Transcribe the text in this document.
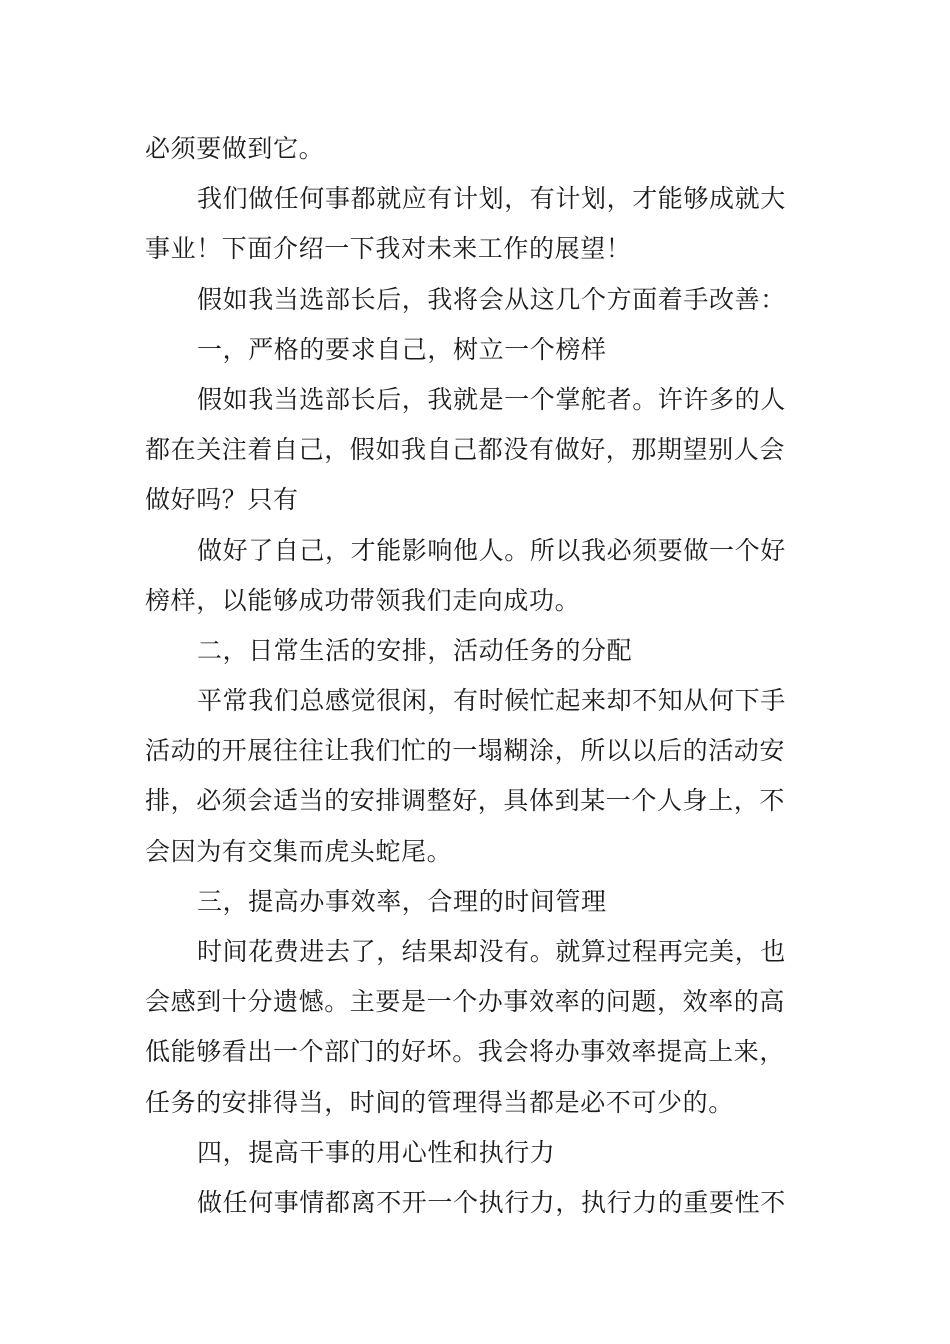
必须要做到它。
我们做任何事都就应有计划，有计划，才能够成就大
事业！下面介绍一下我对未来工作的展望！
假如我当选部长后，我将会从这几个方面着手改善：
一，严格的要求自己，树立一个榜样
假如我当选部长后，我就是一个掌舵者。许许多的人
都在关注着自己，假如我自己都没有做好，那期望别人会
做好吗？只有
做好了自己，才能影响他人。所以我必须要做一个好
榜样，以能够成功带领我们走向成功。
二，日常生活的安排，活动任务的分配
平常我们总感觉很闲，有时候忙起来却不知从何下手
活动的开展往往让我们忙的一塌糊涂，所以以后的活动安
排，必须会适当的安排调整好，具体到某一个人身上，不
会因为有交集而虎头蛇尾。
三，提高办事效率，合理的时间管理
时间花费进去了，结果却没有。就算过程再完美，也
会感到十分遗憾。主要是一个办事效率的问题，效率的高
低能够看出一个部门的好坏。我会将办事效率提高上来，
任务的安排得当，时间的管理得当都是必不可少的。
四，提高干事的用心性和执行力
做任何事情都离不开一个执行力，执行力的重要性不
